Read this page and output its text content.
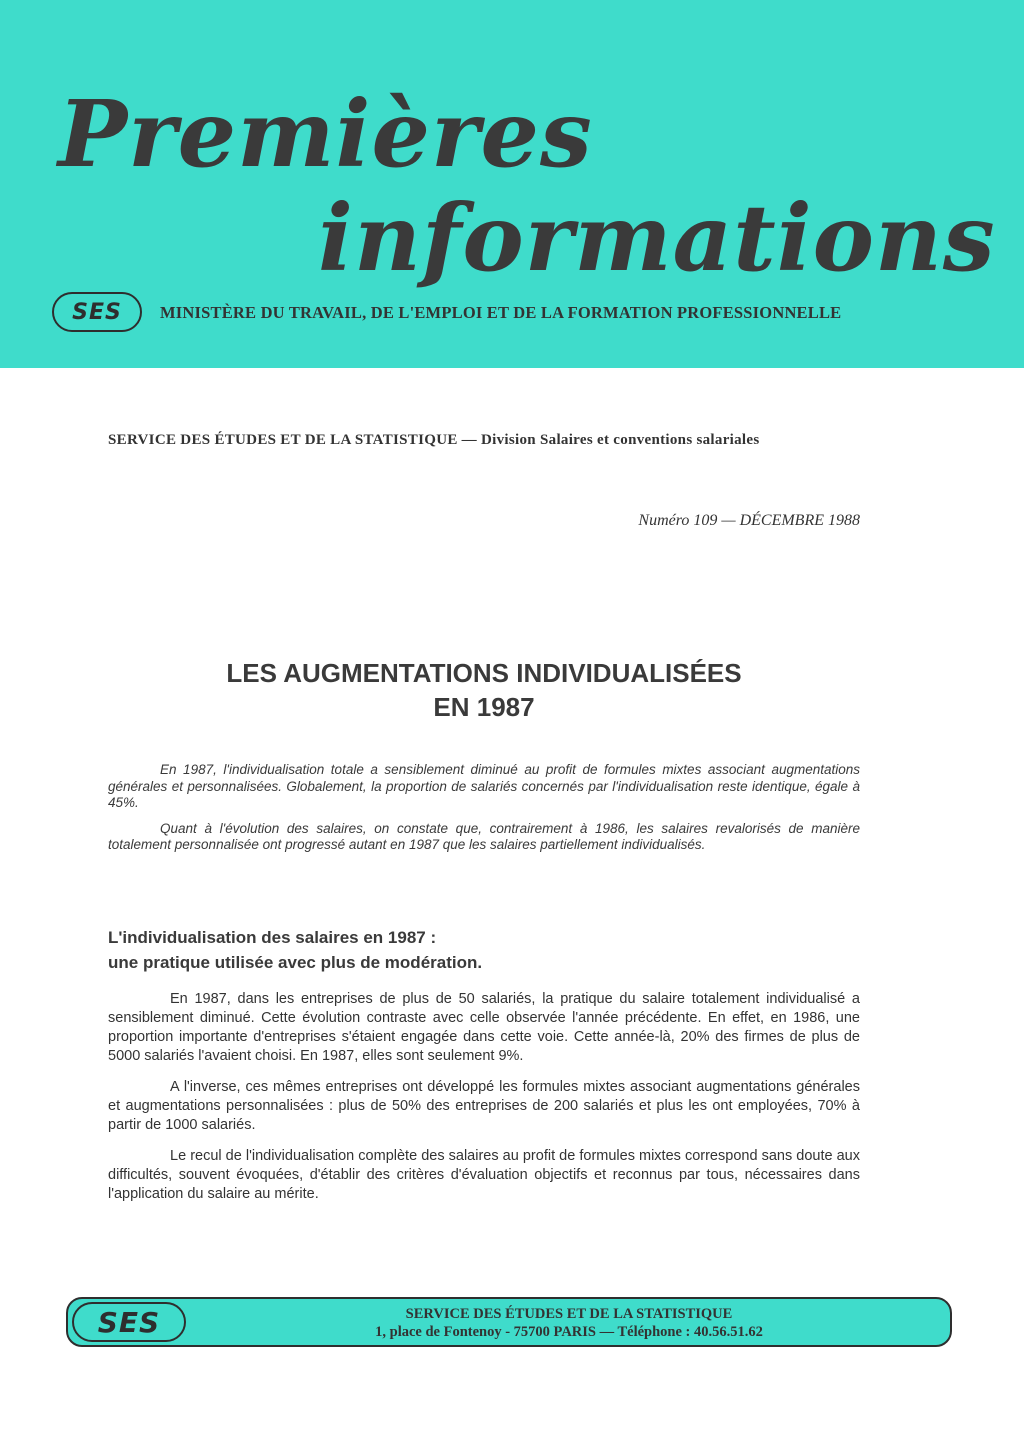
Premières
informations
SES	MINISTÈRE DU TRAVAIL, DE L'EMPLOI ET DE LA FORMATION PROFESSIONNELLE
SERVICE DES ÉTUDES ET DE LA STATISTIQUE — Division Salaires et conventions salariales
Numéro 109 — DÉCEMBRE 1988
LES AUGMENTATIONS INDIVIDUALISÉES
EN 1987

En 1987, l'individualisation totale a sensiblement diminué au profit de formules mixtes associant augmentations générales et personnalisées. Globalement, la proportion de salariés concernés par l'individualisation reste identique, égale à 45%.

Quant à l'évolution des salaires, on constate que, contrairement à 1986, les salaires revalorisés de manière totalement personnalisée ont progressé autant en 1987 que les salaires partiellement individualisés.

L'individualisation des salaires en 1987 :
une pratique utilisée avec plus de modération.

En 1987, dans les entreprises de plus de 50 salariés, la pratique du salaire totalement individualisé a sensiblement diminué. Cette évolution contraste avec celle observée l'année précédente. En effet, en 1986, une proportion importante d'entreprises s'étaient engagée dans cette voie. Cette année-là, 20% des firmes de plus de 5000 salariés l'avaient choisi. En 1987, elles sont seulement 9%.

A l'inverse, ces mêmes entreprises ont développé les formules mixtes associant augmentations générales et augmentations personnalisées : plus de 50% des entreprises de 200 salariés et plus les ont employées, 70% à partir de 1000 salariés.

Le recul de l'individualisation complète des salaires au profit de formules mixtes correspond sans doute aux difficultés, souvent évoquées, d'établir des critères d'évaluation objectifs et reconnus par tous, nécessaires dans l'application du salaire au mérite.

SES	SERVICE DES ÉTUDES ET DE LA STATISTIQUE
1, place de Fontenoy - 75700 PARIS — Téléphone : 40.56.51.62
